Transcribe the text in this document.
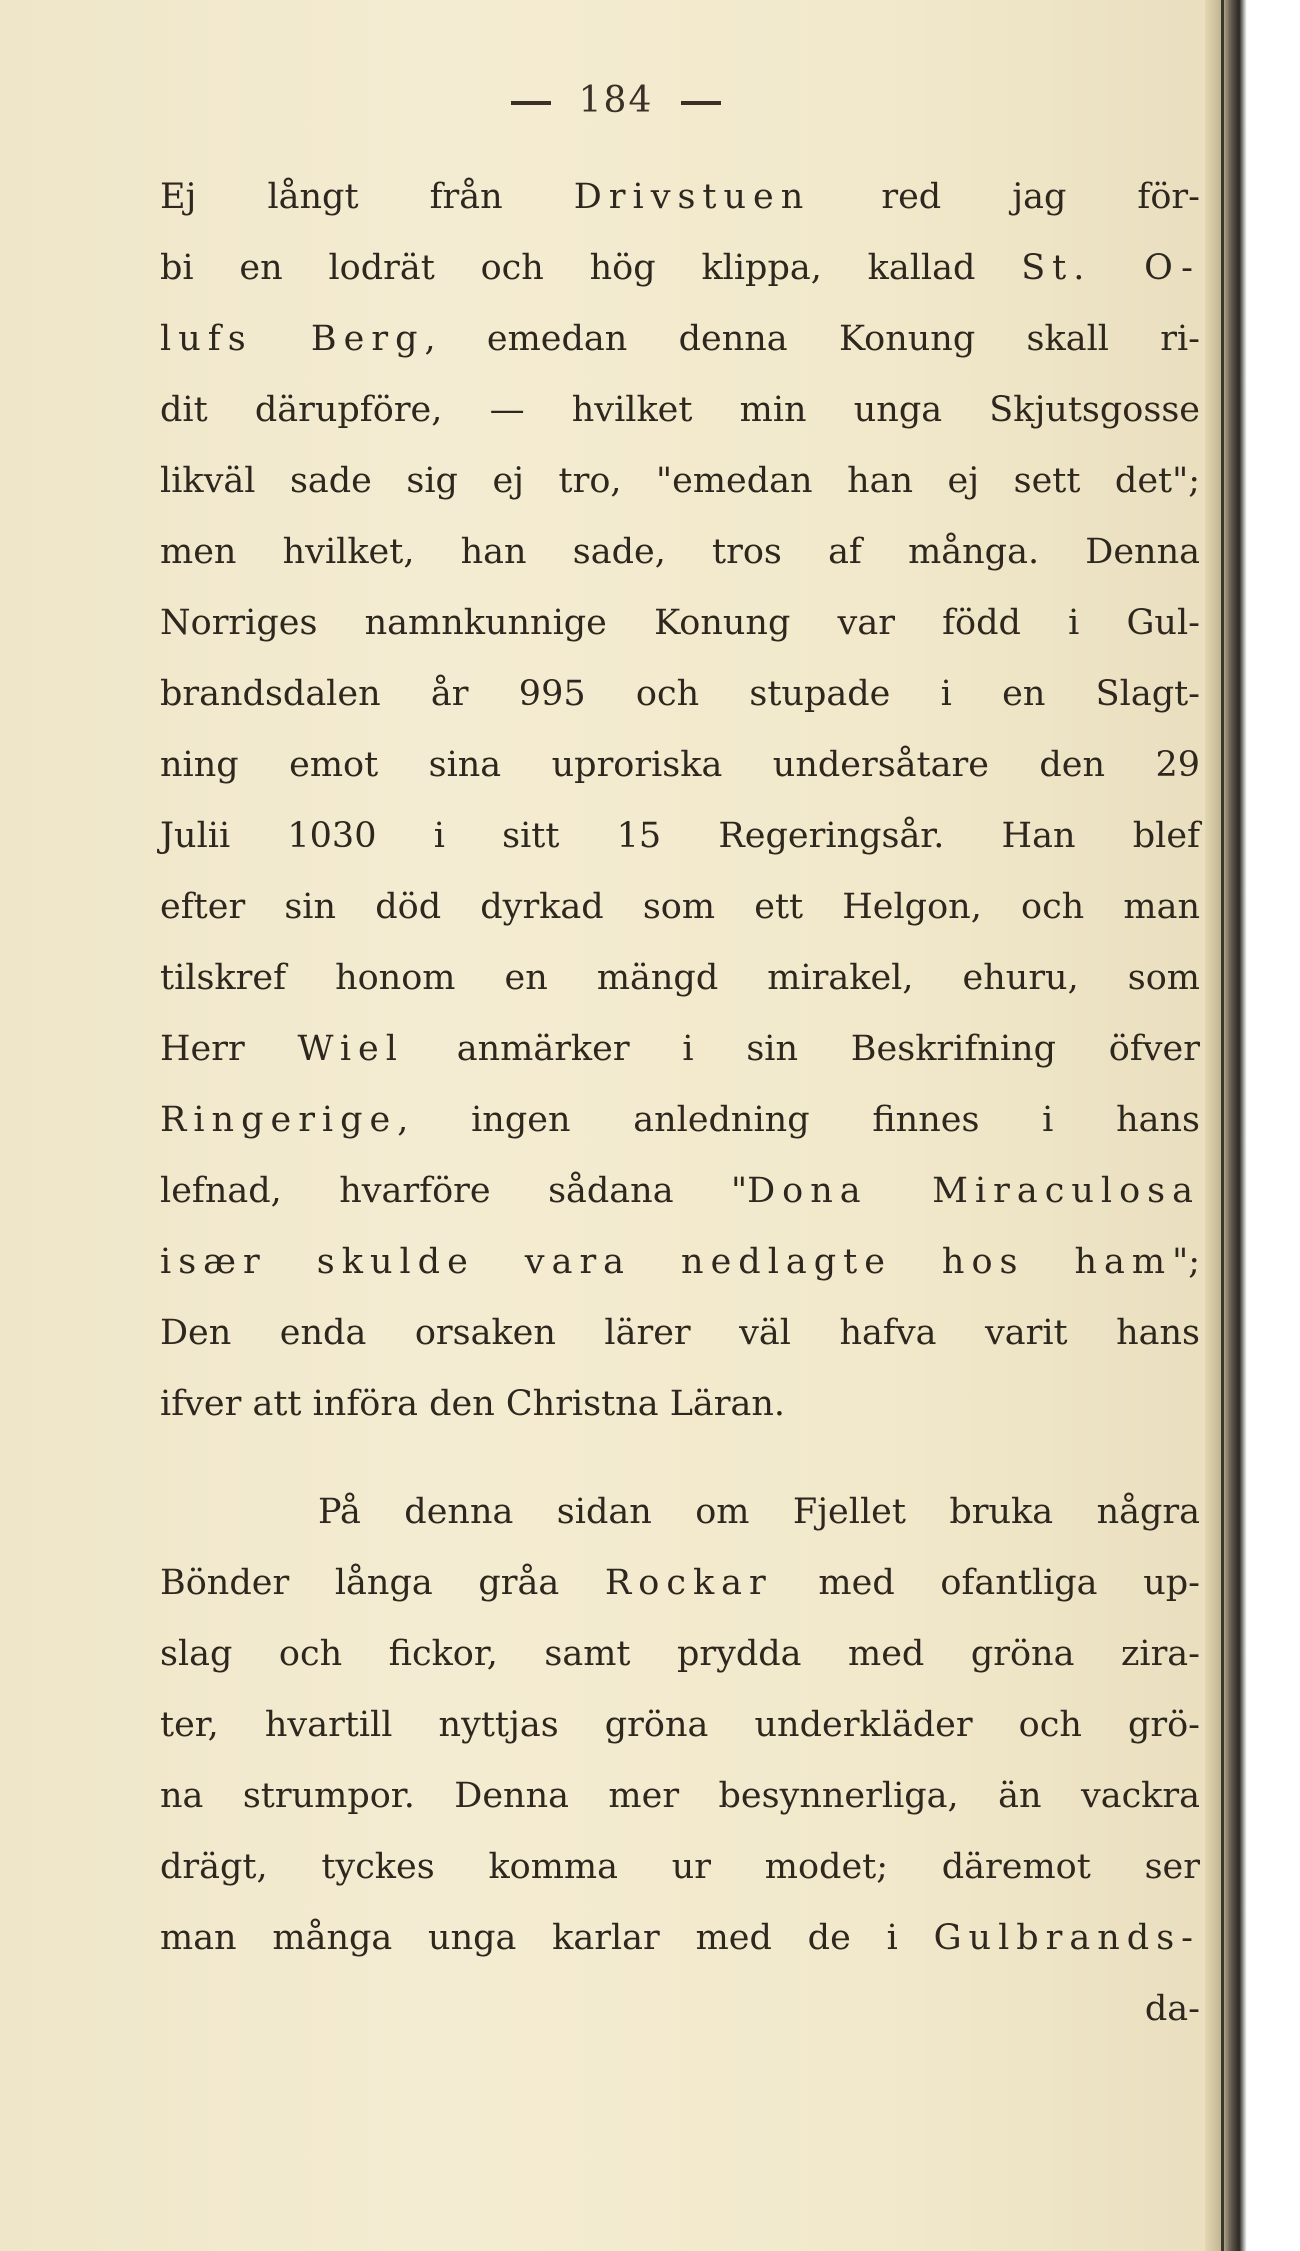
184
Ej långt från Drivstuen red jag för-
bi en lodrät och hög klippa, kallad St. O-
lufs Berg, emedan denna Konung skall ri-
dit därupföre, — hvilket min unga Skjutsgosse
likväl sade sig ej tro, "emedan han ej sett det";
men hvilket, han sade, tros af många. Denna
Norriges namnkunnige Konung var född i Gul-
brandsdalen år 995 och stupade i en Slagt-
ning emot sina uproriska undersåtare den 29
Julii 1030 i sitt 15 Regeringsår. Han blef
efter sin död dyrkad som ett Helgon, och man
tilskref honom en mängd mirakel, ehuru, som
Herr Wiel anmärker i sin Beskrifning öfver
Ringerige, ingen anledning finnes i hans
lefnad, hvarföre sådana "Dona Miraculosa
især skulde vara nedlagte hos ham";
Den enda orsaken lärer väl hafva varit hans
ifver att införa den Christna Läran.
På denna sidan om Fjellet bruka några
Bönder långa gråa Rockar med ofantliga up-
slag och fickor, samt prydda med gröna zira-
ter, hvartill nyttjas gröna underkläder och grö-
na strumpor. Denna mer besynnerliga, än vackra
drägt, tyckes komma ur modet; däremot ser
man många unga karlar med de i Gulbrands-
da-
